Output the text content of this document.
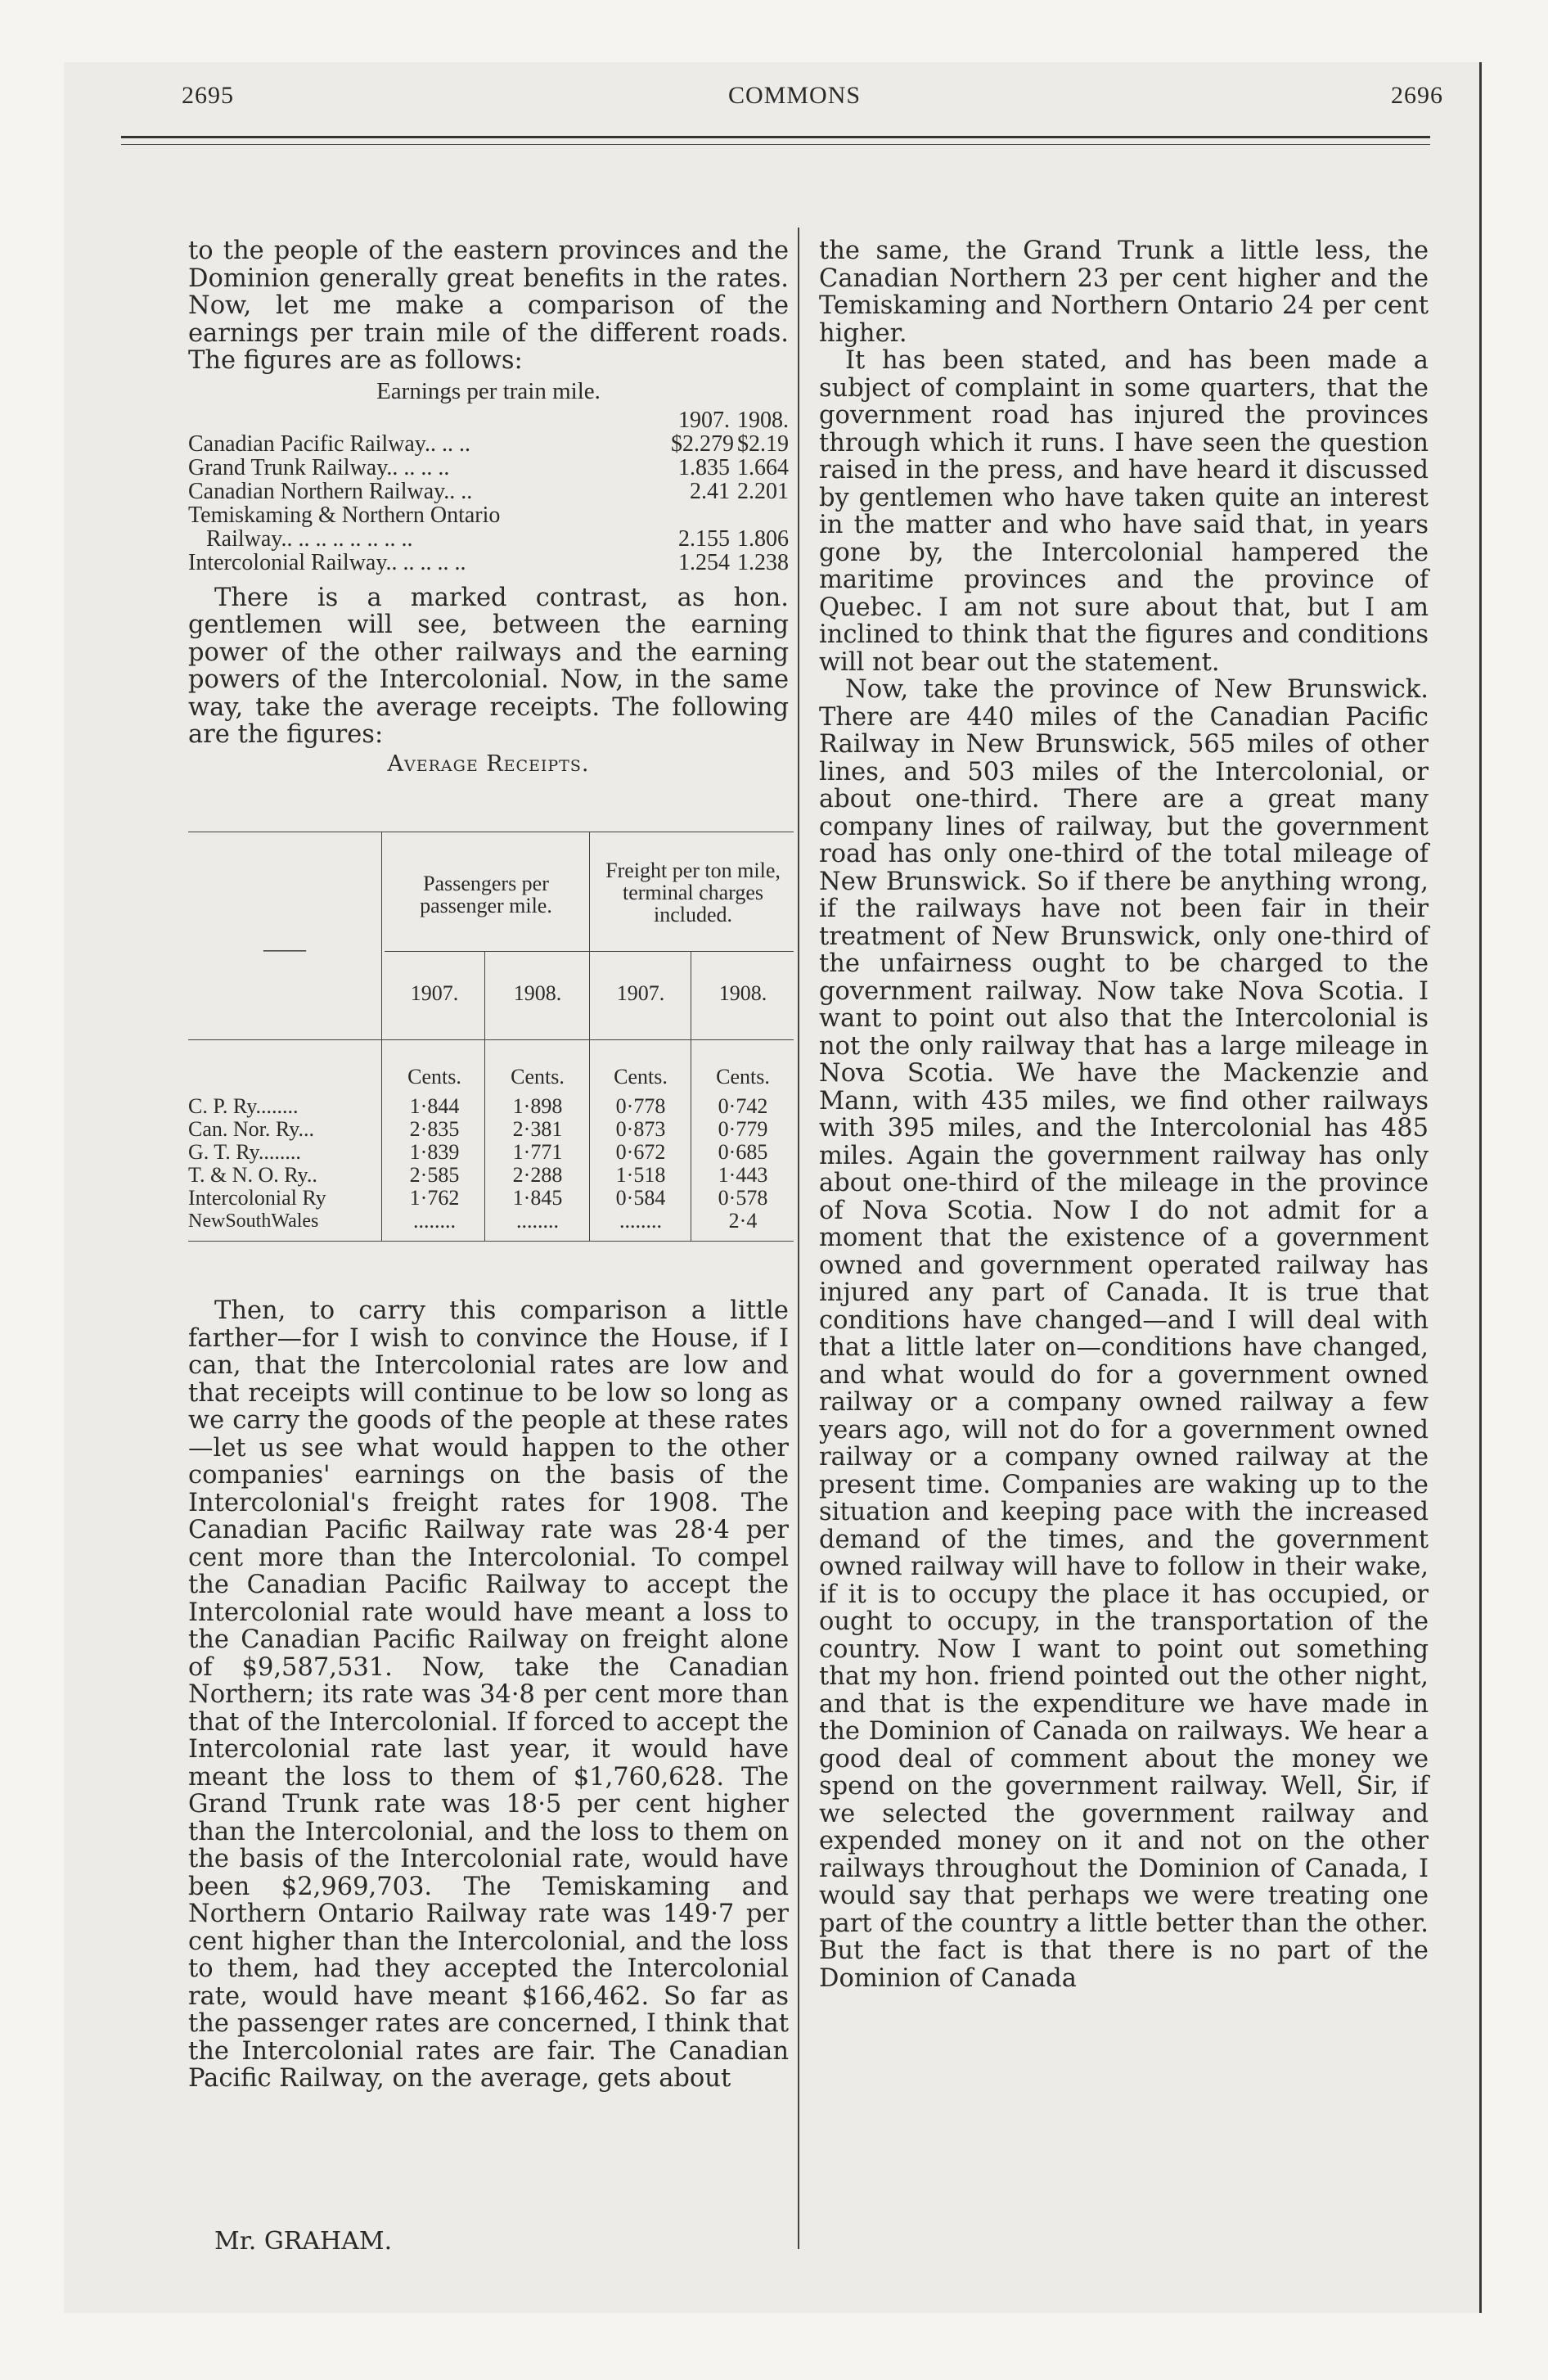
2695	COMMONS	2696

to the people of the eastern provinces and the Dominion generally great benefits in the rates. Now, let me make a comparison of the earnings per train mile of the different roads. The figures are as follows:

Earnings per train mile.
1907. 1908.
Canadian Pacific Railway.. .. ..	$2.279 $2.19
Grand Trunk Railway.. .. .. ..	1.835 1.664
Canadian Northern Railway.. ..	2.41 2.201
Temiskaming & Northern Ontario
Railway.. .. .. .. .. .. .. ..	2.155 1.806
Intercolonial Railway.. .. .. .. ..	1.254 1.238

There is a marked contrast, as hon. gentlemen will see, between the earning power of the other railways and the earning powers of the Intercolonial. Now, in the same way, take the average receipts. The following are the figures:

Average Receipts.
——
Passengers per passenger mile.
Freight per ton mile, terminal charges included.
1907.	1908.	1907.	1908.
Cents.	Cents.	Cents.	Cents.
C. P. Ry........	1·844	1·898	0·778	0·742
Can. Nor. Ry...	2·835	2·381	0·873	0·779
G. T. Ry........	1·839	1·771	0·672	0·685
T. & N. O. Ry..	2·585	2·288	1·518	1·443
Intercolonial Ry	1·762	1·845	0·584	0·578
NewSouthWales	........	........	........	2·4

Then, to carry this comparison a little farther—for I wish to convince the House, if I can, that the Intercolonial rates are low and that receipts will continue to be low so long as we carry the goods of the people at these rates—let us see what would happen to the other companies' earnings on the basis of the Intercolonial's freight rates for 1908. The Canadian Pacific Railway rate was 28·4 per cent more than the Intercolonial. To compel the Canadian Pacific Railway to accept the Intercolonial rate would have meant a loss to the Canadian Pacific Railway on freight alone of $9,587,531. Now, take the Canadian Northern; its rate was 34·8 per cent more than that of the Intercolonial. If forced to accept the Intercolonial rate last year, it would have meant the loss to them of $1,760,628. The Grand Trunk rate was 18·5 per cent higher than the Intercolonial, and the loss to them on the basis of the Intercolonial rate, would have been $2,969,703. The Temiskaming and Northern Ontario Railway rate was 149·7 per cent higher than the Intercolonial, and the loss to them, had they accepted the Intercolonial rate, would have meant $166,462. So far as the passenger rates are concerned, I think that the Intercolonial rates are fair. The Canadian Pacific Railway, on the average, gets about

Mr. GRAHAM.

the same, the Grand Trunk a little less, the Canadian Northern 23 per cent higher and the Temiskaming and Northern Ontario 24 per cent higher.

It has been stated, and has been made a subject of complaint in some quarters, that the government road has injured the provinces through which it runs. I have seen the question raised in the press, and have heard it discussed by gentlemen who have taken quite an interest in the matter and who have said that, in years gone by, the Intercolonial hampered the maritime provinces and the province of Quebec. I am not sure about that, but I am inclined to think that the figures and conditions will not bear out the statement.

Now, take the province of New Brunswick. There are 440 miles of the Canadian Pacific Railway in New Brunswick, 565 miles of other lines, and 503 miles of the Intercolonial, or about one-third. There are a great many company lines of railway, but the government road has only one-third of the total mileage of New Brunswick. So if there be anything wrong, if the railways have not been fair in their treatment of New Brunswick, only one-third of the unfairness ought to be charged to the government railway. Now take Nova Scotia. I want to point out also that the Intercolonial is not the only railway that has a large mileage in Nova Scotia. We have the Mackenzie and Mann, with 435 miles, we find other railways with 395 miles, and the Intercolonial has 485 miles. Again the government railway has only about one-third of the mileage in the province of Nova Scotia. Now I do not admit for a moment that the existence of a government owned and government operated railway has injured any part of Canada. It is true that conditions have changed—and I will deal with that a little later on—conditions have changed, and what would do for a government owned railway or a company owned railway a few years ago, will not do for a government owned railway or a company owned railway at the present time. Companies are waking up to the situation and keeping pace with the increased demand of the times, and the government owned railway will have to follow in their wake, if it is to occupy the place it has occupied, or ought to occupy, in the transportation of the country. Now I want to point out something that my hon. friend pointed out the other night, and that is the expenditure we have made in the Dominion of Canada on railways. We hear a good deal of comment about the money we spend on the government railway. Well, Sir, if we selected the government railway and expended money on it and not on the other railways throughout the Dominion of Canada, I would say that perhaps we were treating one part of the country a little better than the other. But the fact is that there is no part of the Dominion of Canada
